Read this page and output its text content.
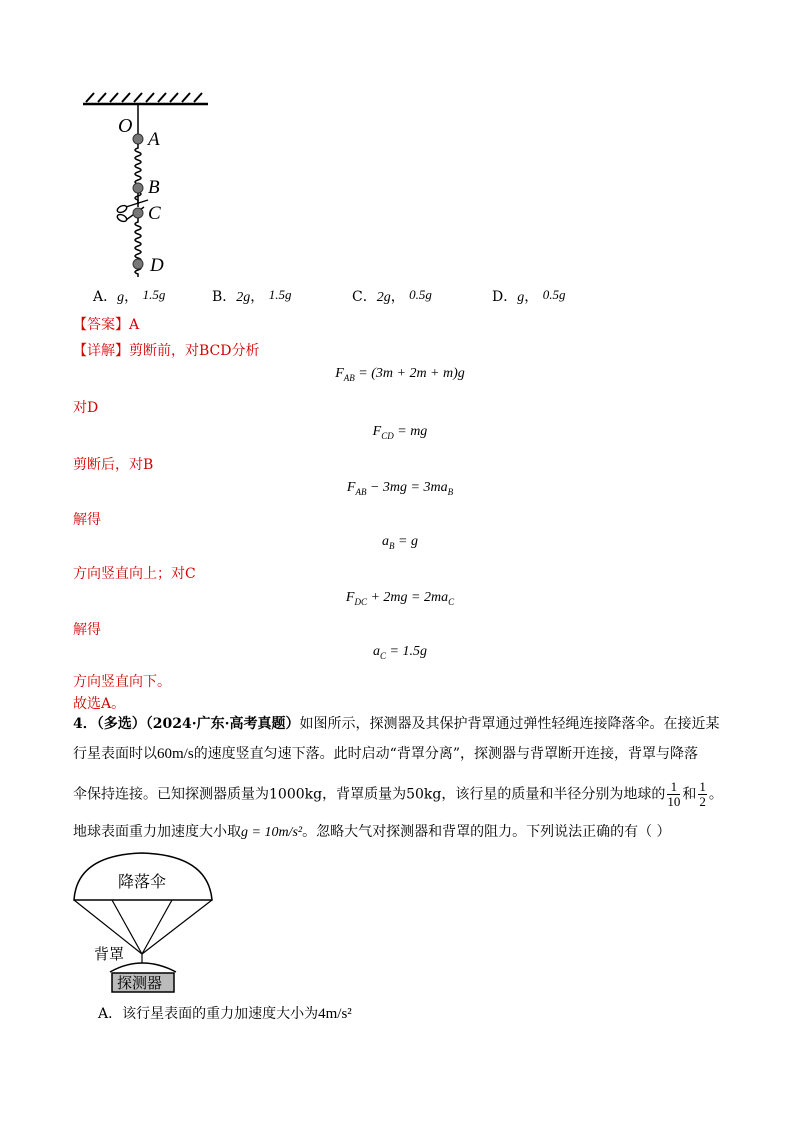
O
A
B
C
D
A．g， 1.5g	B．2g， 1.5g	C．2g， 0.5g	D．g， 0.5g
【答案】A
【详解】剪断前，对BCD分析
$F_{AB} = (3m + 2m + m)g$
对D
$F_{CD}$ = mg
剪断后，对B
$F_{AB} - 3mg = 3ma_B$
解得
$a_B = g$
方向竖直向上；对C
$F_{DC} + 2mg = 2ma_C$
解得
$a_C = 1.5g$
方向竖直向下。
故选A。
4．（多选）（2024·广东·高考真题）如图所示，探测器及其保护背罩通过弹性轻绳连接降落伞。在接近某
行星表面时以60m/s的速度竖直匀速下落。此时启动“背罩分离”，探测器与背罩断开连接，背罩与降落
伞保持连接。已知探测器质量为1000kg，背罩质量为50kg，该行星的质量和半径分别为地球的 $\frac{1}{10}$ 和 $\frac{1}{2}$ 。
地球表面重力加速度大小取g = 10m/s²。忽略大气对探测器和背罩的阻力。下列说法正确的有（ ）
降落伞
背罩
探测器
A．该行星表面的重力加速度大小为4m/s²
